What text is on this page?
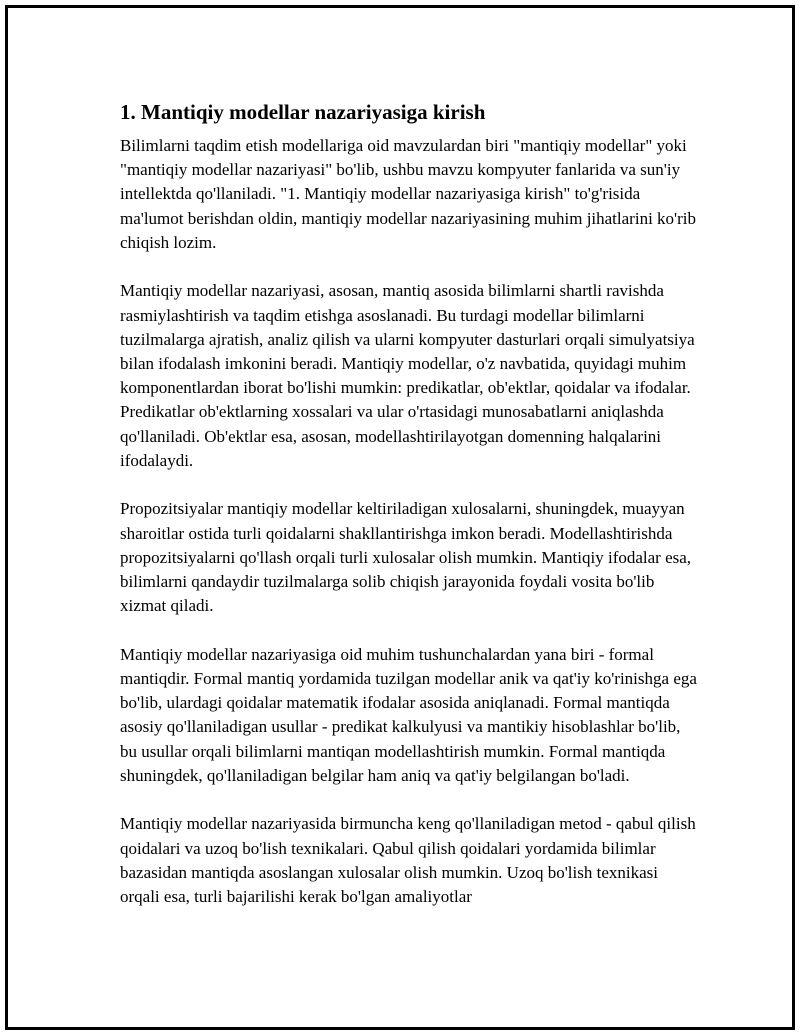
1. Mantiqiy modellar nazariyasiga kirish

Bilimlarni taqdim etish modellariga oid mavzulardan biri "mantiqiy modellar" yoki "mantiqiy modellar nazariyasi" bo'lib, ushbu mavzu kompyuter fanlarida va sun'iy intellektda qo'llaniladi. "1. Mantiqiy modellar nazariyasiga kirish" to'g'risida ma'lumot berishdan oldin, mantiqiy modellar nazariyasining muhim jihatlarini ko'rib chiqish lozim.

Mantiqiy modellar nazariyasi, asosan, mantiq asosida bilimlarni shartli ravishda rasmiylashtirish va taqdim etishga asoslanadi. Bu turdagi modellar bilimlarni tuzilmalarga ajratish, analiz qilish va ularni kompyuter dasturlari orqali simulyatsiya bilan ifodalash imkonini beradi. Mantiqiy modellar, o'z navbatida, quyidagi muhim komponentlardan iborat bo'lishi mumkin: predikatlar, ob'ektlar, qoidalar va ifodalar. Predikatlar ob'ektlarning xossalari va ular o'rtasidagi munosabatlarni aniqlashda qo'llaniladi. Ob'ektlar esa, asosan, modellashtirilayotgan domenning halqalarini ifodalaydi.

Propozitsiyalar mantiqiy modellar keltiriladigan xulosalarni, shuningdek, muayyan sharoitlar ostida turli qoidalarni shakllantirishga imkon beradi. Modellashtirishda propozitsiyalarni qo'llash orqali turli xulosalar olish mumkin. Mantiqiy ifodalar esa, bilimlarni qandaydir tuzilmalarga solib chiqish jarayonida foydali vosita bo'lib xizmat qiladi.

Mantiqiy modellar nazariyasiga oid muhim tushunchalardan yana biri - formal mantiqdir. Formal mantiq yordamida tuzilgan modellar anik va qat'iy ko'rinishga ega bo'lib, ulardagi qoidalar matematik ifodalar asosida aniqlanadi. Formal mantiqda asosiy qo'llaniladigan usullar - predikat kalkulyusi va mantikiy hisoblashlar bo'lib, bu usullar orqali bilimlarni mantiqan modellashtirish mumkin. Formal mantiqda shuningdek, qo'llaniladigan belgilar ham aniq va qat'iy belgilangan bo'ladi.

Mantiqiy modellar nazariyasida birmuncha keng qo'llaniladigan metod - qabul qilish qoidalari va uzoq bo'lish texnikalari. Qabul qilish qoidalari yordamida bilimlar bazasidan mantiqda asoslangan xulosalar olish mumkin. Uzoq bo'lish texnikasi orqali esa, turli bajarilishi kerak bo'lgan amaliyotlar
